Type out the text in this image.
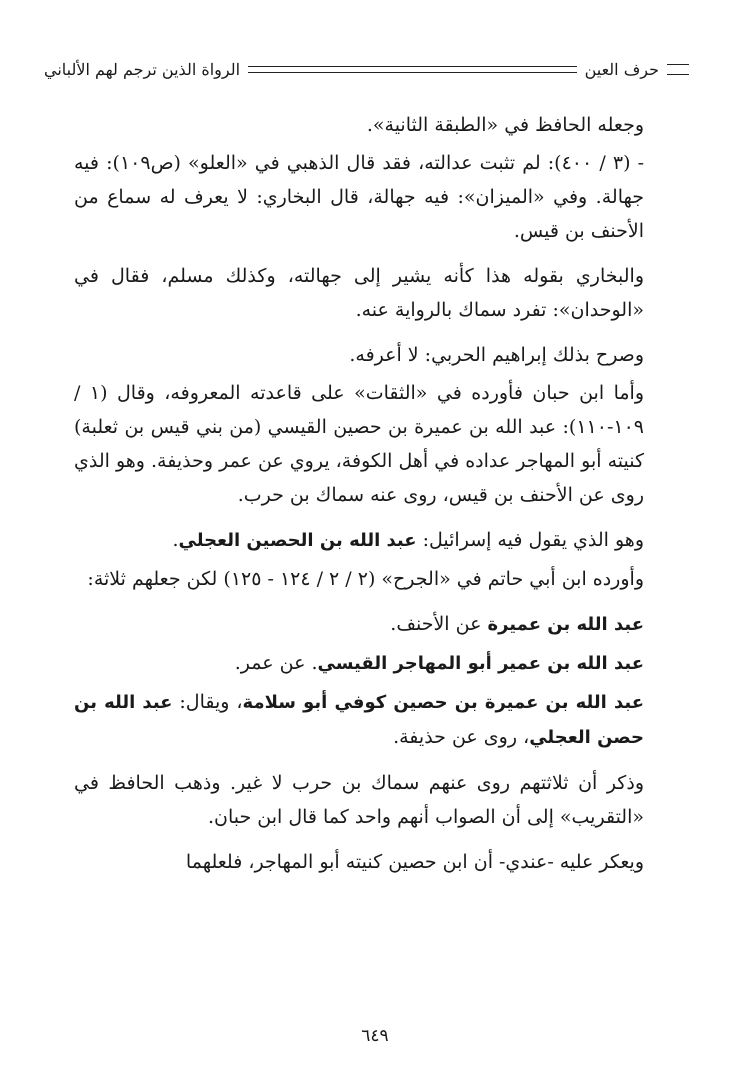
حرف العين
الرواة الذين ترجم لهم الألباني

وجعله الحافظ في «الطبقة الثانية».

- (٣ / ٤٠٠): لم تثبت عدالته، فقد قال الذهبي في «العلو» (ص١٠٩): فيه جهالة. وفي «الميزان»: فيه جهالة، قال البخاري: لا يعرف له سماع من الأحنف بن قيس.

والبخاري بقوله هذا كأنه يشير إلى جهالته، وكذلك مسلم، فقال في «الوحدان»: تفرد سماك بالرواية عنه.

وصرح بذلك إبراهيم الحربي: لا أعرفه.

وأما ابن حبان فأورده في «الثقات» على قاعدته المعروفه، وقال (١ / ١٠٩-١١٠): عبد الله بن عميرة بن حصين القيسي (من بني قيس بن ثعلبة) كنيته أبو المهاجر عداده في أهل الكوفة، يروي عن عمر وحذيفة. وهو الذي روى عن الأحنف بن قيس، روى عنه سماك بن حرب.

وهو الذي يقول فيه إسرائيل: عبد الله بن الحصين العجلي.

وأورده ابن أبي حاتم في «الجرح» (٢ / ٢ / ١٢٤ - ١٢٥) لكن جعلهم ثلاثة:

عبد الله بن عميرة عن الأحنف.

عبد الله بن عمير أبو المهاجر القيسي. عن عمر.

عبد الله بن عميرة بن حصين كوفي أبو سلامة، ويقال: عبد الله بن حصن العجلي، روى عن حذيفة.

وذكر أن ثلاثتهم روى عنهم سماك بن حرب لا غير. وذهب الحافظ في «التقريب» إلى أن الصواب أنهم واحد كما قال ابن حبان.

ويعكر عليه -عندي- أن ابن حصين كنيته أبو المهاجر، فلعلهما

٦٤٩
